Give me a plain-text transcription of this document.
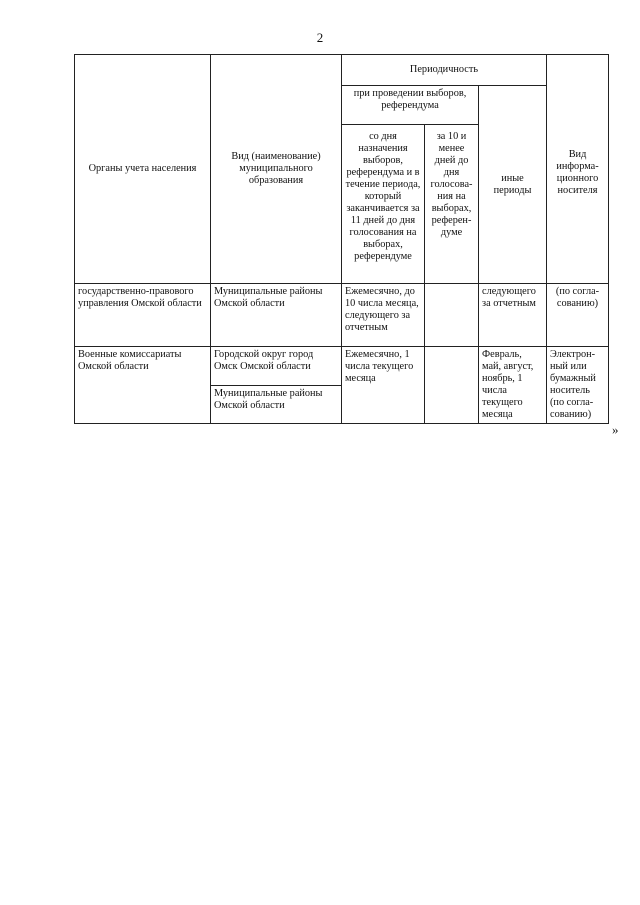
2
Органы учета населения	Вид (наименование) муниципального образования	Периодичность			Вид информа-ционного носителя
		при проведении выборов, референдума		иные периоды	
		со дня назначения выборов, референдума и в течение периода, который заканчивается за 11 дней до дня голосования на выборах, референдуме	за 10 и менее дней до дня голосова-ния на выборах, референ-думе		
государственно-правового управления Омской области	Муниципальные районы Омской области	Ежемесячно, до 10 числа месяца, следующего за отчетным		следующего за отчетным	(по согла-сованию)
Военные комиссариаты Омской области	Городской округ город Омск Омской области	Ежемесячно, 1 числа текущего месяца		Февраль, май, август, ноябрь, 1 числа текущего месяца	Электрон-ный или бумажный носитель (по согла-сованию)
	Муниципальные районы Омской области				
»
